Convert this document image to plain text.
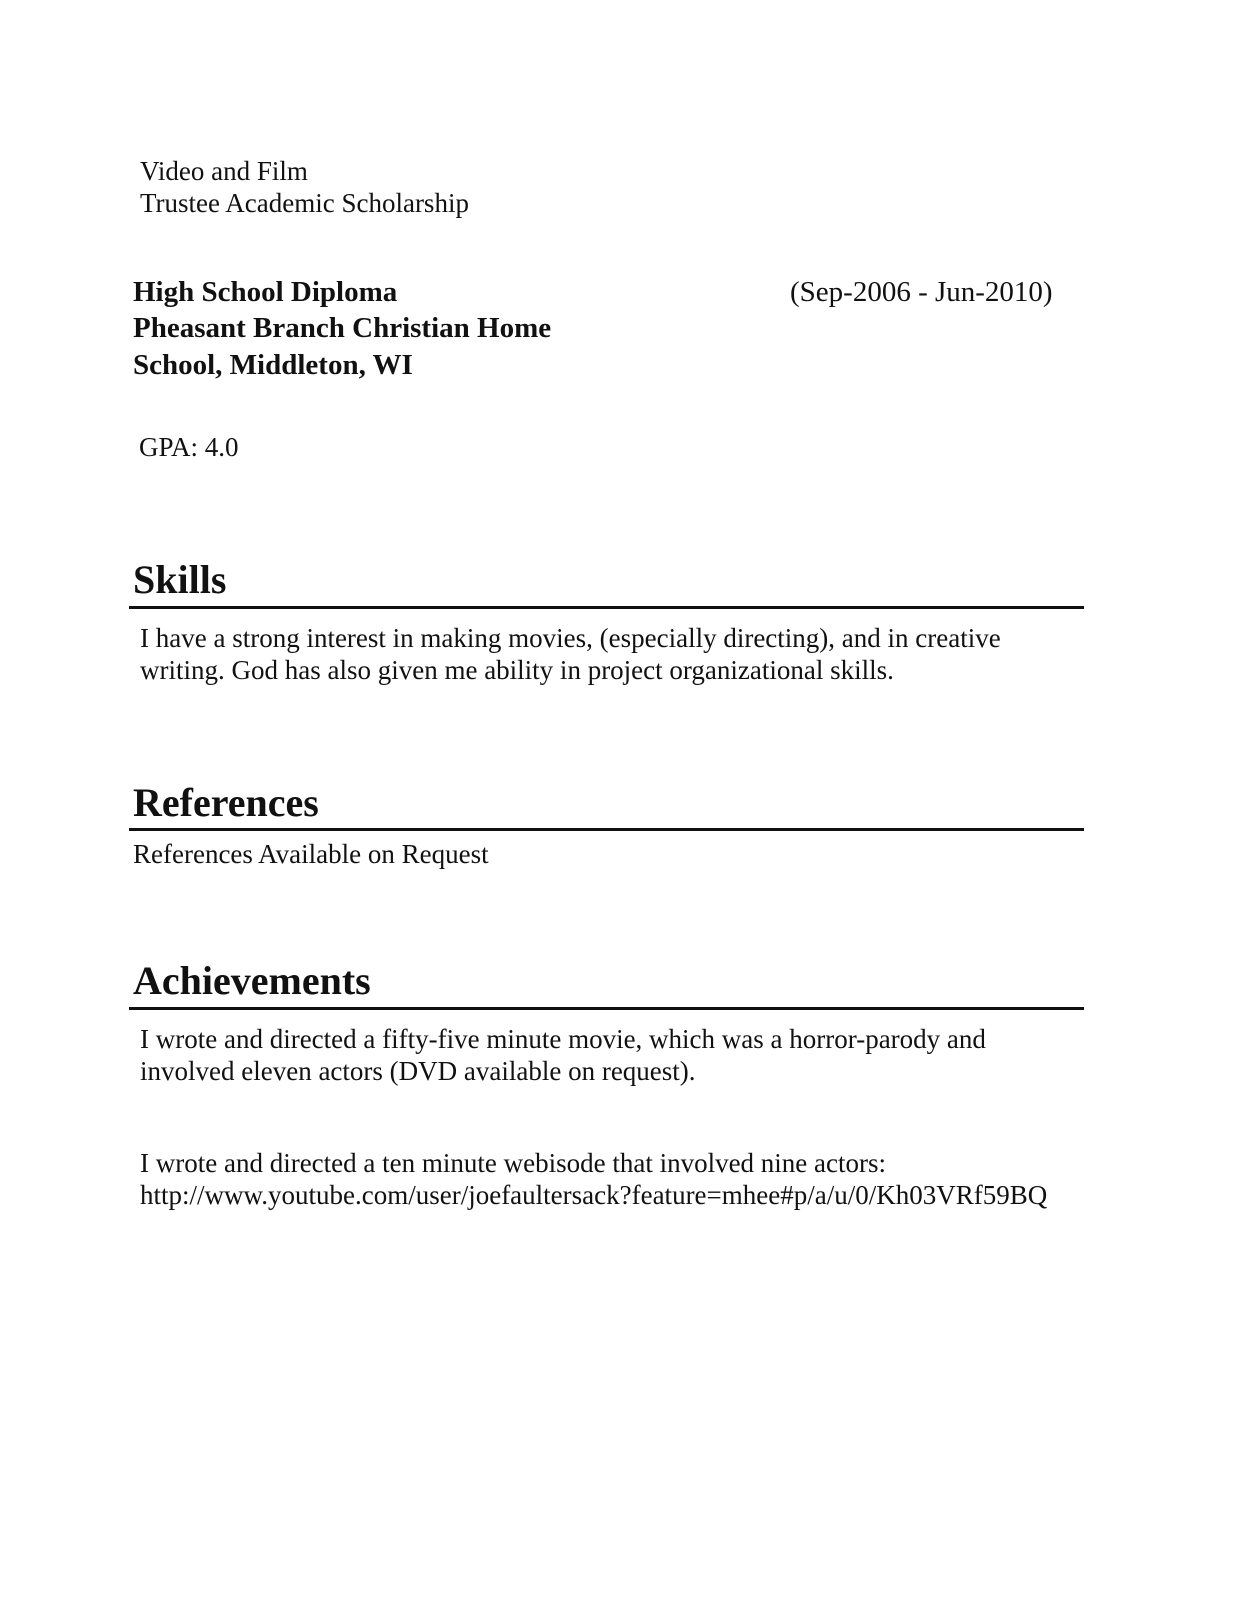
Video and Film
Trustee Academic Scholarship
High School Diploma
Pheasant Branch Christian Home
School, Middleton, WI
(Sep-2006 - Jun-2010)
GPA: 4.0
Skills
I have a strong interest in making movies, (especially directing), and in creative
writing. God has also given me ability in project organizational skills.
References
References Available on Request
Achievements
I wrote and directed a fifty-five minute movie, which was a horror-parody and
involved eleven actors (DVD available on request).
I wrote and directed a ten minute webisode that involved nine actors:
http://www.youtube.com/user/joefaultersack?feature=mhee#p/a/u/0/Kh03VRf59BQ
